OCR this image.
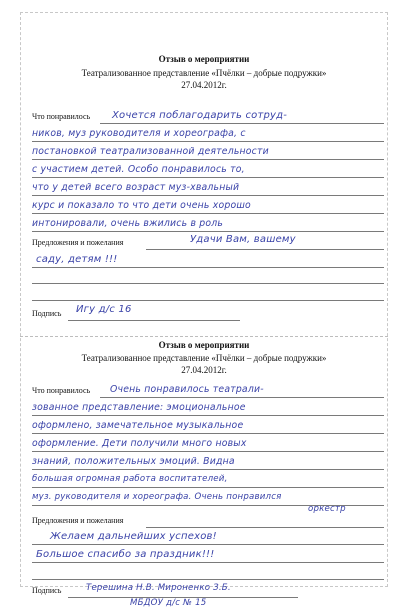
Отзыв о мероприятии
Театрализованное представление «Пчёлки – добрые подружки»
27.04.2012г.
Что понравилось Хочется поблагодарить сотруд-
ников, муз руководителя и хореографа, с
постановкой театрализованной деятельности
с участием детей. Особо понравилось то,
что у детей всего возраст муз-хвальный
курс и показало то что дети очень хорошо
интонировали, очень вжились в роль
Предложения и пожелания	Удачи Вам, вашему
саду, детям !!!
Подпись Игу д/с 16
Отзыв о мероприятии
Театрализованное представление «Пчёлки – добрые подружки»
27.04.2012г.
Что понравилось Очень понравилось театрали-
зованное представление: эмоциональное
оформлено, замечательное музыкальное
оформление. Дети получили много новых
знаний, положительных эмоций. Видна
большая огромная работа воспитателей,
муз. руководителя и хореографа. Очень понравился
оркестр
Предложения и пожелания
Желаем дальнейших успехов!
Большое спасибо за праздник!!!
Подпись	Терешина Н.В. Мироненко З.Б.
МБДОУ д/с № 15
